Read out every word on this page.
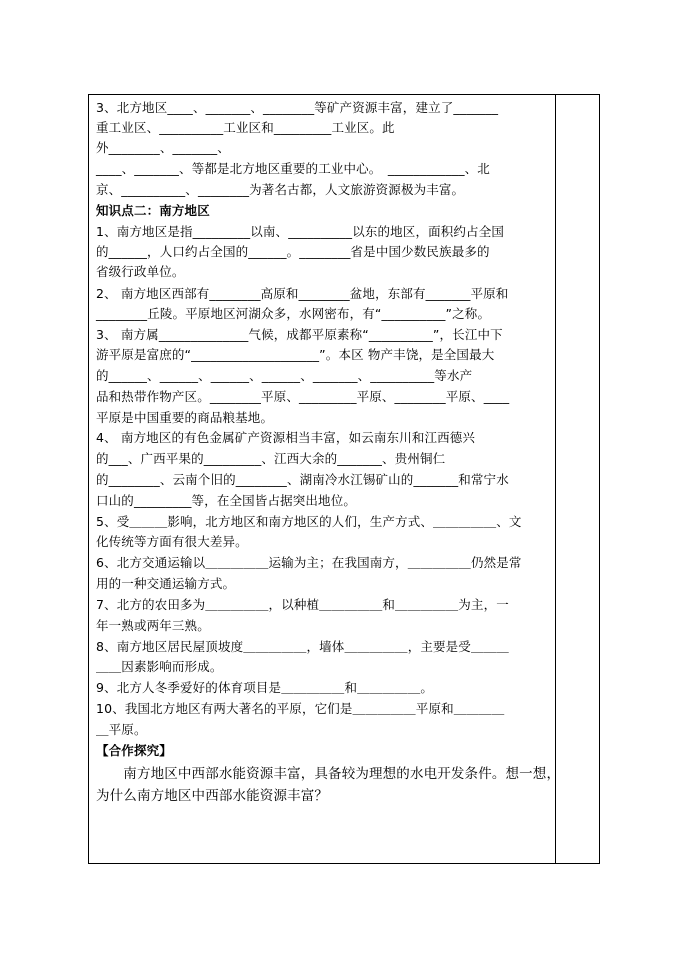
3、北方地区____、_______、________等矿产资源丰富，建立了_______
重工业区、__________工业区和_________工业区。此
外________、_______、
____、_______、等都是北方地区重要的工业中心。　____________、北
京、__________、________为著名古都，人文旅游资源极为丰富。
知识点二：南方地区
1、南方地区是指_________以南、__________以东的地区，面积约占全国
的______，人口约占全国的______。________省是中国少数民族最多的
省级行政单位。
2、 南方地区西部有________高原和________盆地，东部有_______平原和
________丘陵。平原地区河湖众多，水网密布，有“__________”之称。
3、 南方属______________气候，成都平原素称“__________”，长江中下
游平原是富庶的“____________________”。本区 物产丰饶，是全国最大
的______、______、______、______、_______、__________等水产
品和热带作物产区。________平原、_________平原、________平原、____
平原是中国重要的商品粮基地。
4、 南方地区的有色金属矿产资源相当丰富，如云南东川和江西德兴
的___、广西平果的_________、江西大余的_______、贵州铜仁
的________、云南个旧的________、湖南冷水江锡矿山的_______和常宁水
口山的_________等，在全国皆占据突出地位。
5、受＿＿＿影响，北方地区和南方地区的人们，生产方式、＿＿＿＿＿、文
化传统等方面有很大差异。
6、北方交通运输以＿＿＿＿＿运输为主；在我国南方，＿＿＿＿＿仍然是常
用的一种交通运输方式。
7、北方的农田多为＿＿＿＿＿，以种植＿＿＿＿＿和＿＿＿＿＿为主，一
年一熟或两年三熟。
8、南方地区居民屋顶坡度＿＿＿＿＿，墙体＿＿＿＿＿，主要是受＿＿＿
＿＿因素影响而形成。
9、北方人冬季爱好的体育项目是＿＿＿＿＿和＿＿＿＿＿。
10、我国北方地区有两大著名的平原，它们是＿＿＿＿＿平原和＿＿＿＿
＿平原。
【合作探究】
　　南方地区中西部水能资源丰富，具备较为理想的水电开发条件。想一想，
为什么南方地区中西部水能资源丰富？
